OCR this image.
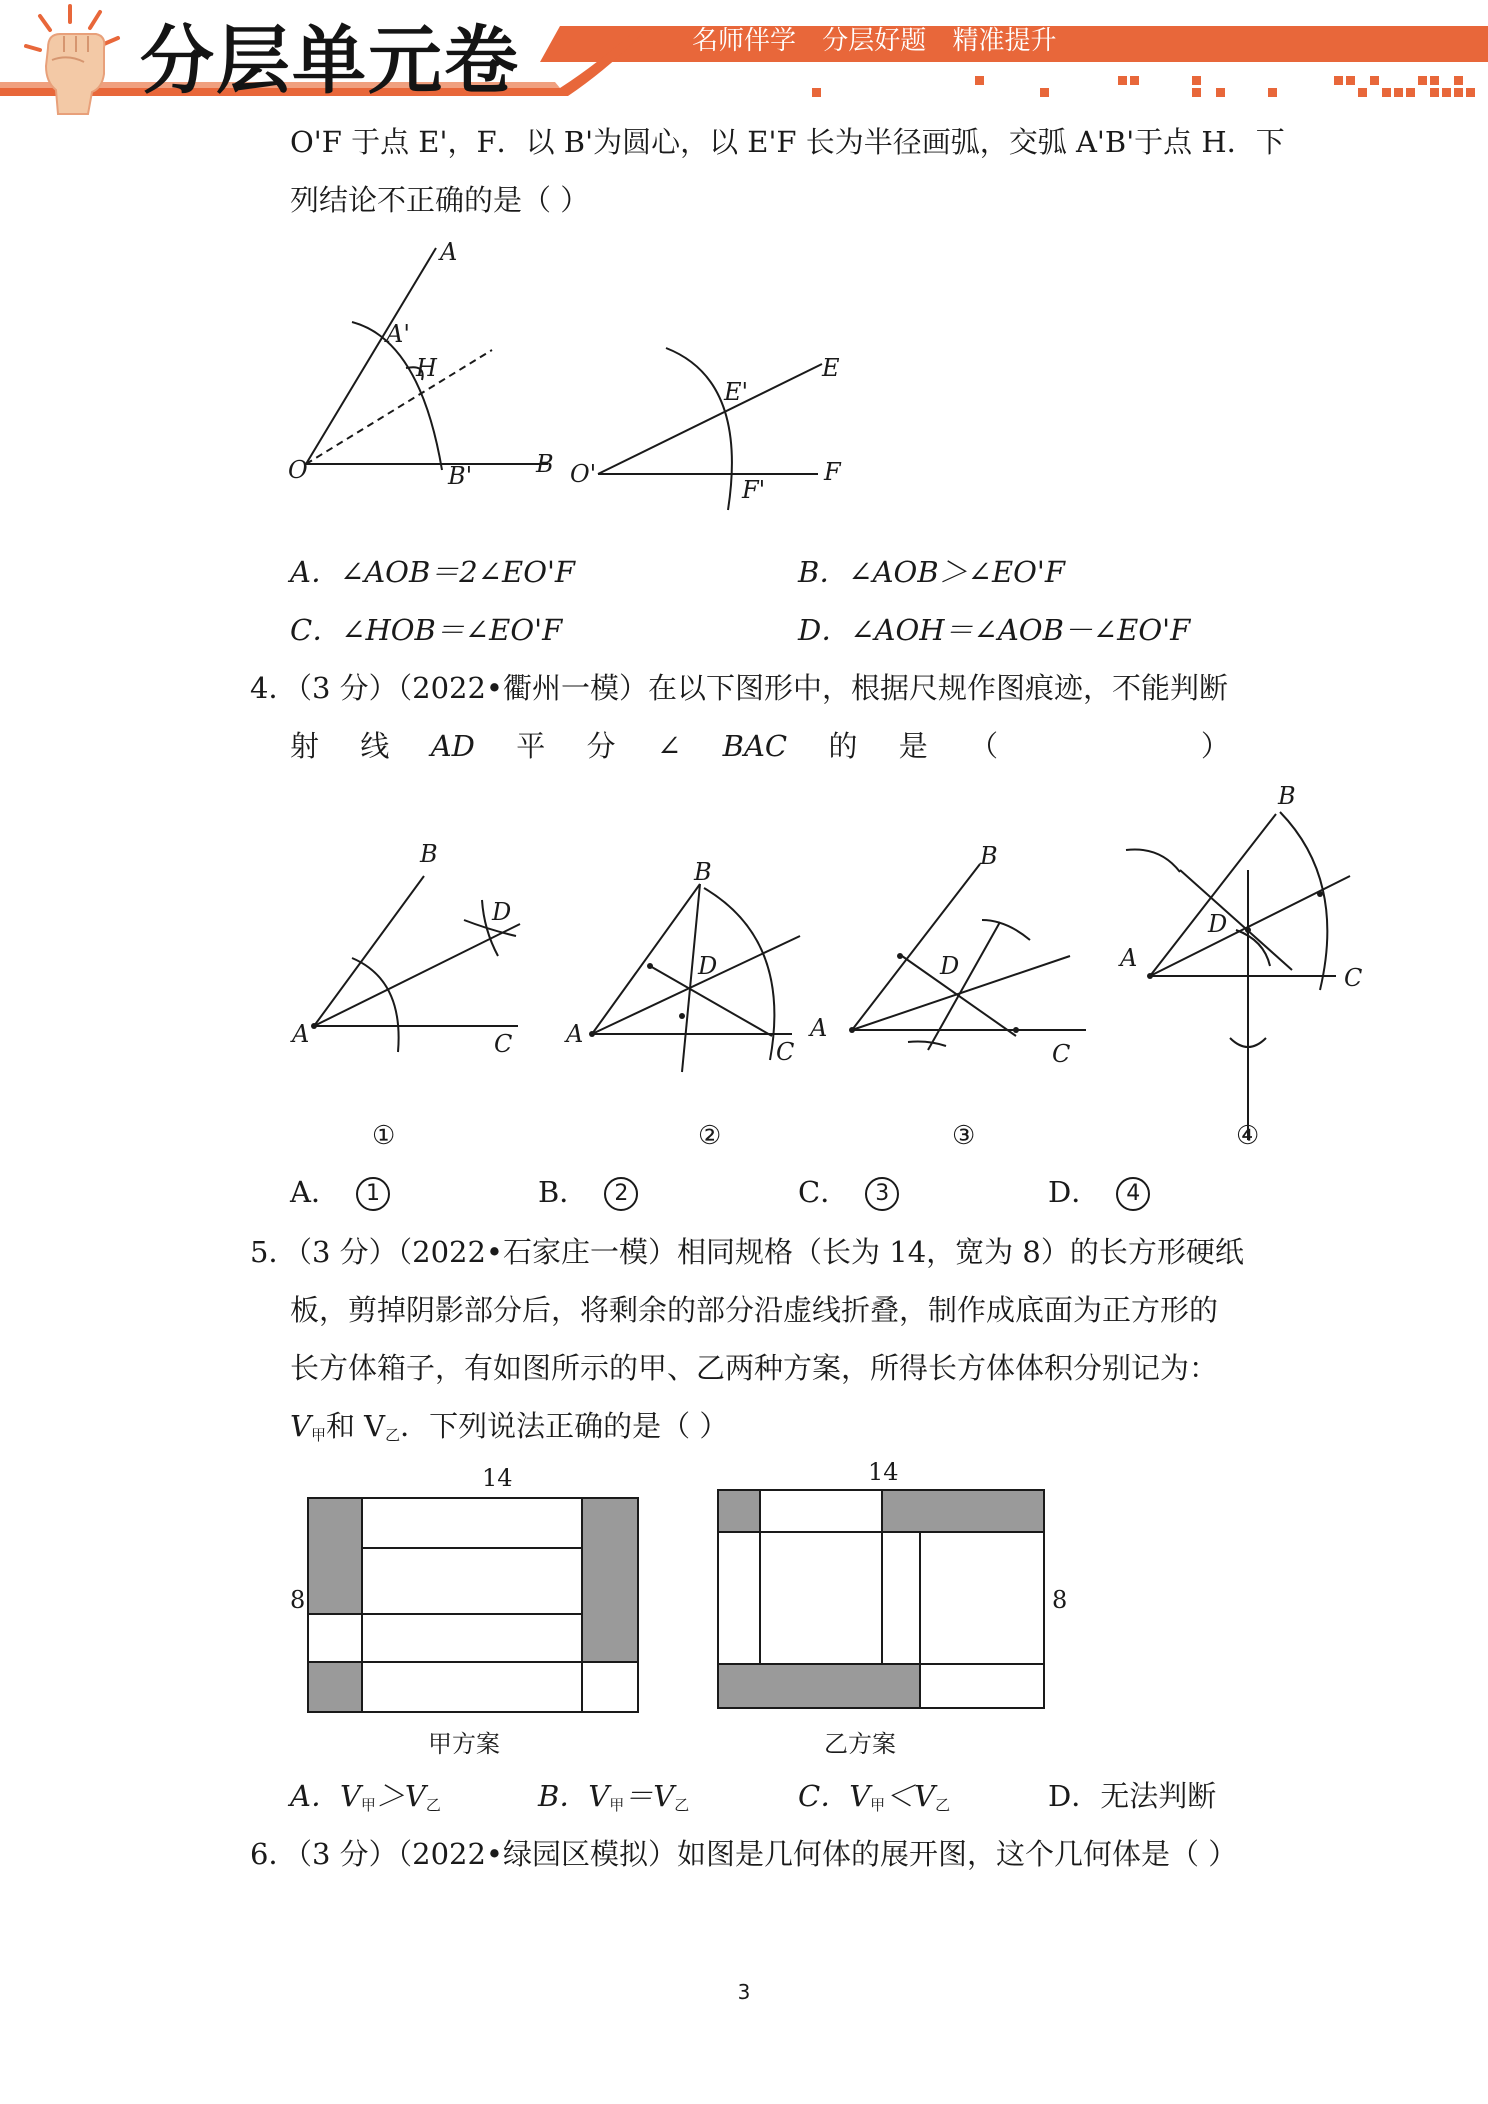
分层单元卷	名师伴学 分层好题 精准提升
O'F 于点 E'，F．以 B'为圆心，以 E'F 长为半径画弧，交弧 A'B'于点 H．下
列结论不正确的是（ ）
A
A'
H
O	B'	B
E
E'
O'
F'
F
A．∠AOB＝2∠EO'F	B．∠AOB＞∠EO'F
C．∠HOB＝∠EO'F	D．∠AOH＝∠AOB－∠EO'F
4．（3 分）（2022•衢州一模）在以下图形中，根据尺规作图痕迹，不能判断
射 线 AD 平 分 ∠ BAC 的 是 （	）
B
D
A	C
B
D
A
C
B
D
A
C
B
D
A
C
①	②	③	④
A． 1	B． 2	C． 3	D． 4
5．（3 分）（2022•石家庄一模）相同规格（长为 14，宽为 8）的长方形硬纸
板，剪掉阴影部分后，将剩余的部分沿虚线折叠，制作成底面为正方形的
长方体箱子，有如图所示的甲、乙两种方案，所得长方体体积分别记为：
$V_甲$和 $V_乙$．下列说法正确的是（ ）
14
8
甲方案
14
8
乙方案
A．$V_甲>V_乙$	B．$V_甲=V_乙$	C．$V_甲<V_乙$	D．无法判断
6．（3 分）（2022•绿园区模拟）如图是几何体的展开图，这个几何体是（ ）
3
